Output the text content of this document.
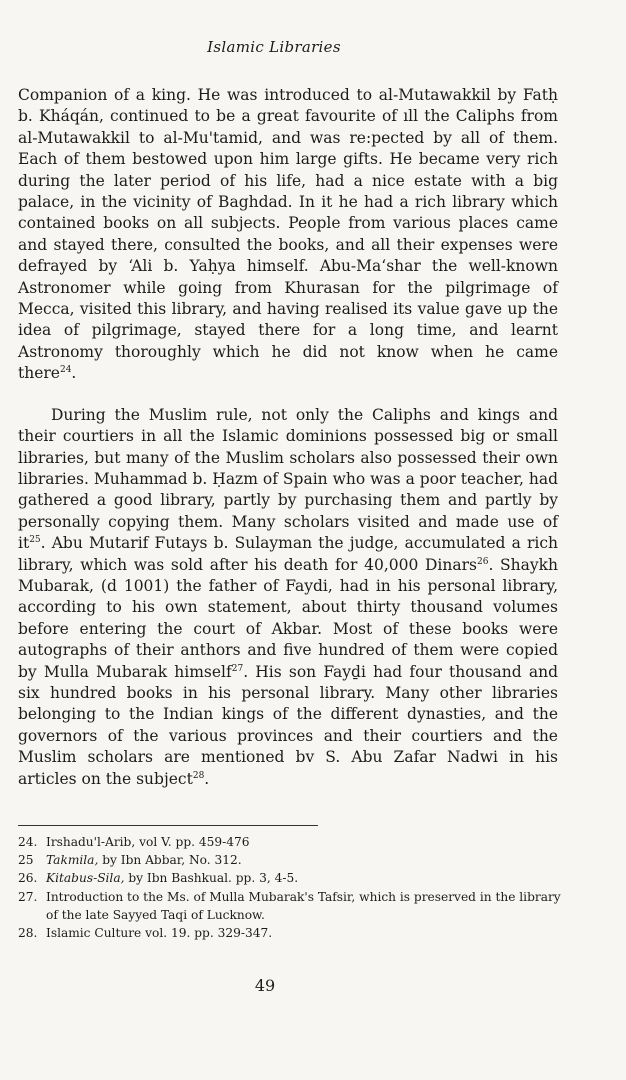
Islamic Libraries

Companion of a king. He was introduced to al-Mutawakkil by Fatḥ b. Kháqán, continued to be a great favourite of ıll the Caliphs from al-Mutawakkil to al-Mu'tamid, and was re:pected by all of them. Each of them bestowed upon him large gifts. He became very rich during the later period of his life, had a nice estate with a big palace, in the vicinity of Baghdad. In it he had a rich library which contained books on all subjects. People from various places came and stayed there, consulted the books, and all their expenses were defrayed by ‘Ali b. Yaḥya himself. Abu-Ma‘shar the well-known Astronomer while going from Khurasan for the pilgrimage of Mecca, visited this library, and having realised its value gave up the idea of pilgrimage, stayed there for a long time, and learnt Astronomy thoroughly which he did not know when he came there$^{24}$.

During the Muslim rule, not only the Caliphs and kings and their courtiers in all the Islamic dominions possessed big or small libraries, but many of the Muslim scholars also possessed their own libraries. Muhammad b. Ḥazm of Spain who was a poor teacher, had gathered a good library, partly by purchasing them and partly by personally copying them. Many scholars visited and made use of $it^{25}$. Abu Mutarif Futays b. Sulayman the judge, accumulated a rich library, which was sold after his death for 40,000 Dinars$^{26}$. Shaykh Mubarak, (d 1001) the father of Faydi, had in his personal library, according to his own statement, about thirty thousand volumes before entering the court of Akbar. Most of these books were autographs of their anthors and five hundred of them were copied by Mulla Mubarak himself$^{27}$. His son Fayḏi had four thousand and six hundred books in his personal library. Many other libraries belonging to the Indian kings of the different dynasties, and the governors of the various provinces and their courtiers and the Muslim scholars are mentioned bv S. Abu Zafar Nadwi in his articles on the subject$^{28}$.

24. Irshadu'l-Arib, vol V. pp. 459-476
25	Takmila, by Ibn Abbar, No. 312.
26. Kitabus-Sila, by Ibn Bashkual. pp. 3, 4-5.
27. Introduction to the Ms. of Mulla Mubarak's Tafsir, which is preserved in the library of the late Sayyed Taqi of Lucknow.
28. Islamic Culture vol. 19. pp. 329-347.
49
